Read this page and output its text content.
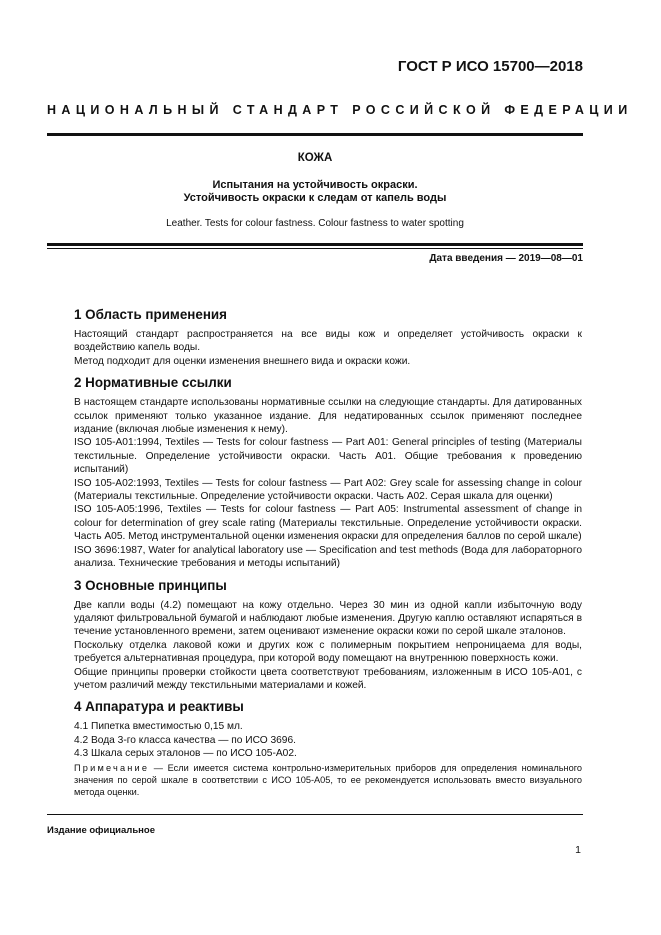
ГОСТ Р ИСО 15700—2018
НАЦИОНАЛЬНЫЙ СТАНДАРТ РОССИЙСКОЙ ФЕДЕРАЦИИ
КОЖА
Испытания на устойчивость окраски.
Устойчивость окраски к следам от капель воды
Leather. Tests for colour fastness. Colour fastness to water spotting
Дата введения — 2019—08—01
1 Область применения

Настоящий стандарт распространяется на все виды кож и определяет устойчивость окраски к воздействию капель воды.

Метод подходит для оценки изменения внешнего вида и окраски кожи.

2 Нормативные ссылки

В настоящем стандарте использованы нормативные ссылки на следующие стандарты. Для датированных ссылок применяют только указанное издание. Для недатированных ссылок применяют последнее издание (включая любые изменения к нему).

ISO 105-A01:1994, Textiles — Tests for colour fastness — Part A01: General principles of testing (Материалы текстильные. Определение устойчивости окраски. Часть A01. Общие требования к проведению испытаний)

ISO 105-A02:1993, Textiles — Tests for colour fastness — Part A02: Grey scale for assessing change in colour (Материалы текстильные. Определение устойчивости окраски. Часть A02. Серая шкала для оценки)

ISO 105-A05:1996, Textiles — Tests for colour fastness — Part A05: Instrumental assessment of change in colour for determination of grey scale rating (Материалы текстильные. Определение устойчивости окраски. Часть A05. Метод инструментальной оценки изменения окраски для определения баллов по серой шкале)

ISO 3696:1987, Water for analytical laboratory use — Specification and test methods (Вода для лабораторного анализа. Технические требования и методы испытаний)

3 Основные принципы

Две капли воды (4.2) помещают на кожу отдельно. Через 30 мин из одной капли избыточную воду удаляют фильтровальной бумагой и наблюдают любые изменения. Другую каплю оставляют испаряться в течение установленного времени, затем оценивают изменение окраски кожи по серой шкале эталонов.

Поскольку отделка лаковой кожи и других кож с полимерным покрытием непроницаема для воды, требуется альтернативная процедура, при которой воду помещают на внутреннюю поверхность кожи.

Общие принципы проверки стойкости цвета соответствуют требованиям, изложенным в ИСО 105-A01, с учетом различий между текстильными материалами и кожей.

4 Аппаратура и реактивы

4.1 Пипетка вместимостью 0,15 мл.

4.2 Вода 3-го класса качества — по ИСО 3696.

4.3 Шкала серых эталонов — по ИСО 105-A02.

Примечание — Если имеется система контрольно-измерительных приборов для определения номинального значения по серой шкале в соответствии с ИСО 105-A05, то ее рекомендуется использовать вместо визуального метода оценки.

Издание официальное
1
